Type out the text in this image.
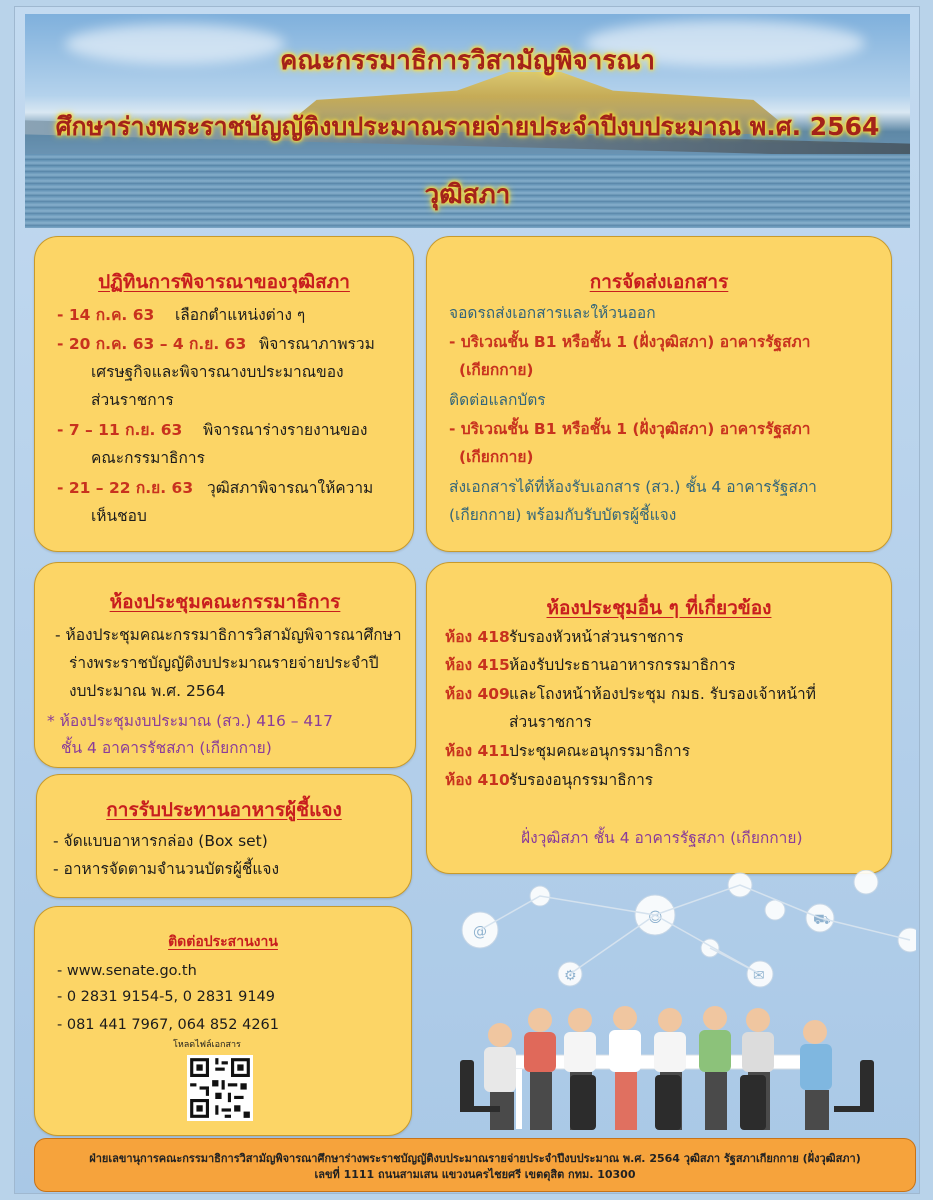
คณะกรรมาธิการวิสามัญพิจารณา
ศึกษาร่างพระราชบัญญัติงบประมาณรายจ่ายประจำปีงบประมาณ พ.ศ. 2564
วุฒิสภา
ปฏิทินการพิจารณาของวุฒิสภา
- 14 ก.ค. 63 เลือกตำแหน่งต่าง ๆ
- 20 ก.ค. 63 – 4 ก.ย. 63 พิจารณาภาพรวม
เศรษฐกิจและพิจารณางบประมาณของ
ส่วนราชการ
- 7 – 11 ก.ย. 63 พิจารณาร่างรายงานของ
คณะกรรมาธิการ
- 21 – 22 ก.ย. 63 วุฒิสภาพิจารณาให้ความ
เห็นชอบ
การจัดส่งเอกสาร
จอดรถส่งเอกสารและให้วนออก
- บริเวณชั้น B1 หรือชั้น 1 (ฝั่งวุฒิสภา) อาคารรัฐสภา
(เกียกกาย)
ติดต่อแลกบัตร
- บริเวณชั้น B1 หรือชั้น 1 (ฝั่งวุฒิสภา) อาคารรัฐสภา
(เกียกกาย)
ส่งเอกสารได้ที่ห้องรับเอกสาร (สว.) ชั้น 4 อาคารรัฐสภา
(เกียกกาย) พร้อมกับรับบัตรผู้ชี้แจง
ห้องประชุมคณะกรรมาธิการ
- ห้องประชุมคณะกรรมาธิการวิสามัญพิจารณาศึกษา
ร่างพระราชบัญญัติงบประมาณรายจ่ายประจำปี
งบประมาณ พ.ศ. 2564
* ห้องประชุมงบประมาณ (สว.) 416 – 417
ชั้น 4 อาคารรัชสภา (เกียกกาย)
ห้องประชุมอื่น ๆ ที่เกี่ยวข้อง
ห้อง 418 รับรองหัวหน้าส่วนราชการ
ห้อง 415 ห้องรับประธานอาหารกรรมาธิการ
ห้อง 409 และโถงหน้าห้องประชุม กมธ. รับรองเจ้าหน้าที่
ส่วนราชการ
ห้อง 411 ประชุมคณะอนุกรรมาธิการ
ห้อง 410 รับรองอนุกรรมาธิการ
ฝั่งวุฒิสภา ชั้น 4 อาคารรัฐสภา (เกียกกาย)
การรับประทานอาหารผู้ชี้แจง
- จัดแบบอาหารกล่อง (Box set)
- อาหารจัดตามจำนวนบัตรผู้ชี้แจง
ติดต่อประสานงาน
- www.senate.go.th
- 0 2831 9154-5, 0 2831 9149
- 081 441 7967, 064 852 4261
โหลดไฟล์เอกสาร
@
☺
⚙	✉
⛟
ฝ่ายเลขานุการคณะกรรมาธิการวิสามัญพิจารณาศึกษาร่างพระราชบัญญัติงบประมาณรายจ่ายประจำปีงบประมาณ พ.ศ. 2564 วุฒิสภา รัฐสภาเกียกกาย (ฝั่งวุฒิสภา)
เลขที่ 1111 ถนนสามเสน แขวงนครไชยศรี เขตดุสิต กทม. 10300
